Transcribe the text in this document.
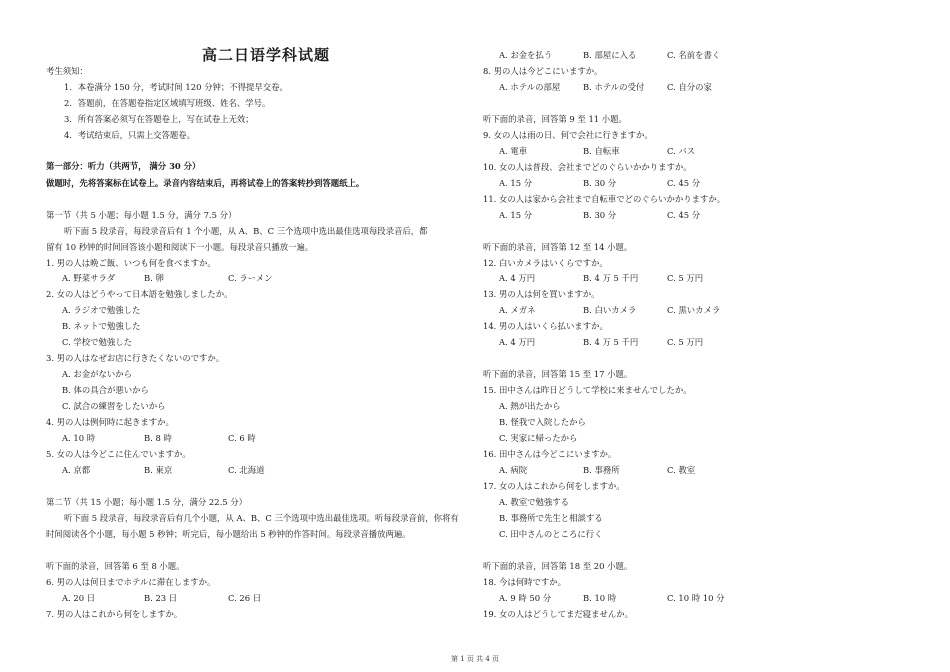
高二日语学科试题
考生须知：
1．本卷满分 150 分，考试时间 120 分钟；不得提早交卷。
2．答题前，在答题卷指定区域填写班级、姓名、学号。
3．所有答案必须写在答题卷上，写在试卷上无效；
4．考试结束后，只需上交答题卷。
第一部分：听力（共两节， 满分 30 分）
做题时，先将答案标在试卷上。录音内容结束后，再将试卷上的答案转抄到答题纸上。
第一节（共 5 小题；每小题 1.5 分，满分 7.5 分）
听下面 5 段录音，每段录音后有 1 个小题，从 A、B、C 三个选项中选出最佳选项每段录音后，都
留有 10 秒钟的时间回答该小题和阅读下一小题。每段录音只播放一遍。
1. 男の人は晩ご飯、いつも何を食べますか。
A. 野菜サラダ	B. 卵	C. ラーメン
2. 女の人はどうやって日本語を勉強しましたか。
A. ラジオで勉強した
B. ネットで勉強した
C. 学校で勉強した
3. 男の人はなぜお店に行きたくないのですか。
A. お金がないから
B. 体の具合が悪いから
C. 試合の練習をしたいから
4. 男の人は例何時に起きますか。
A. 10 時	B. 8 時	C. 6 時
5. 女の人は今どこに住んでいますか。
A. 京都	B. 東京	C. 北海道
第二节（共 15 小题；每小题 1.5 分，满分 22.5 分）
听下面 5 段录音，每段录音后有几个小题，从 A、B、C 三个选项中选出最佳选项。听每段录音前，你将有
时间阅读各个小题，每小题 5 秒钟；听完后，每小题给出 5 秒钟的作答时间。每段录音播放两遍。
听下面的录音，回答第 6 至 8 小题。
6. 男の人は何日までホテルに滞在しますか。
A. 20 日	B. 23 日	C. 26 日
7. 男の人はこれから何をしますか。
A. お金を払う	B. 部屋に入る	C. 名前を書く
8. 男の人は今どこにいますか。
A. ホテルの部屋	B. ホテルの受付	C. 自分の家
听下面的录音，回答第 9 至 11 小题。
9. 女の人は雨の日、何で会社に行きますか。
A. 電車	B. 自転車	C. バス
10. 女の人は普段、会社までどのぐらいかかりますか。
A. 15 分	B. 30 分	C. 45 分
11. 女の人は家から会社まで自転車でどのぐらいかかりますか。
A. 15 分	B. 30 分	C. 45 分
听下面的录音，回答第 12 至 14 小题。
12. 白いカメラはいくらですか。
A. 4 万円	B. 4 万 5 千円	C. 5 万円
13. 男の人は何を買いますか。
A. メガネ	B. 白いカメラ	C. 黒いカメラ
14. 男の人はいくら払いますか。
A. 4 万円	B. 4 万 5 千円	C. 5 万円
听下面的录音，回答第 15 至 17 小题。
15. 田中さんは昨日どうして学校に来ませんでしたか。
A. 熱が出たから
B. 怪我で入院したから
C. 実家に帰ったから
16. 田中さんは今どこにいますか。
A. 病院	B. 事務所	C. 教室
17. 女の人はこれから何をしますか。
A. 教室で勉強する
B. 事務所で先生と相談する
C. 田中さんのところに行く
听下面的录音，回答第 18 至 20 小题。
18. 今は何時ですか。
A. 9 時 50 分	B. 10 時	C. 10 時 10 分
19. 女の人はどうしてまだ寝ませんか。
第 1 页 共 4 页
